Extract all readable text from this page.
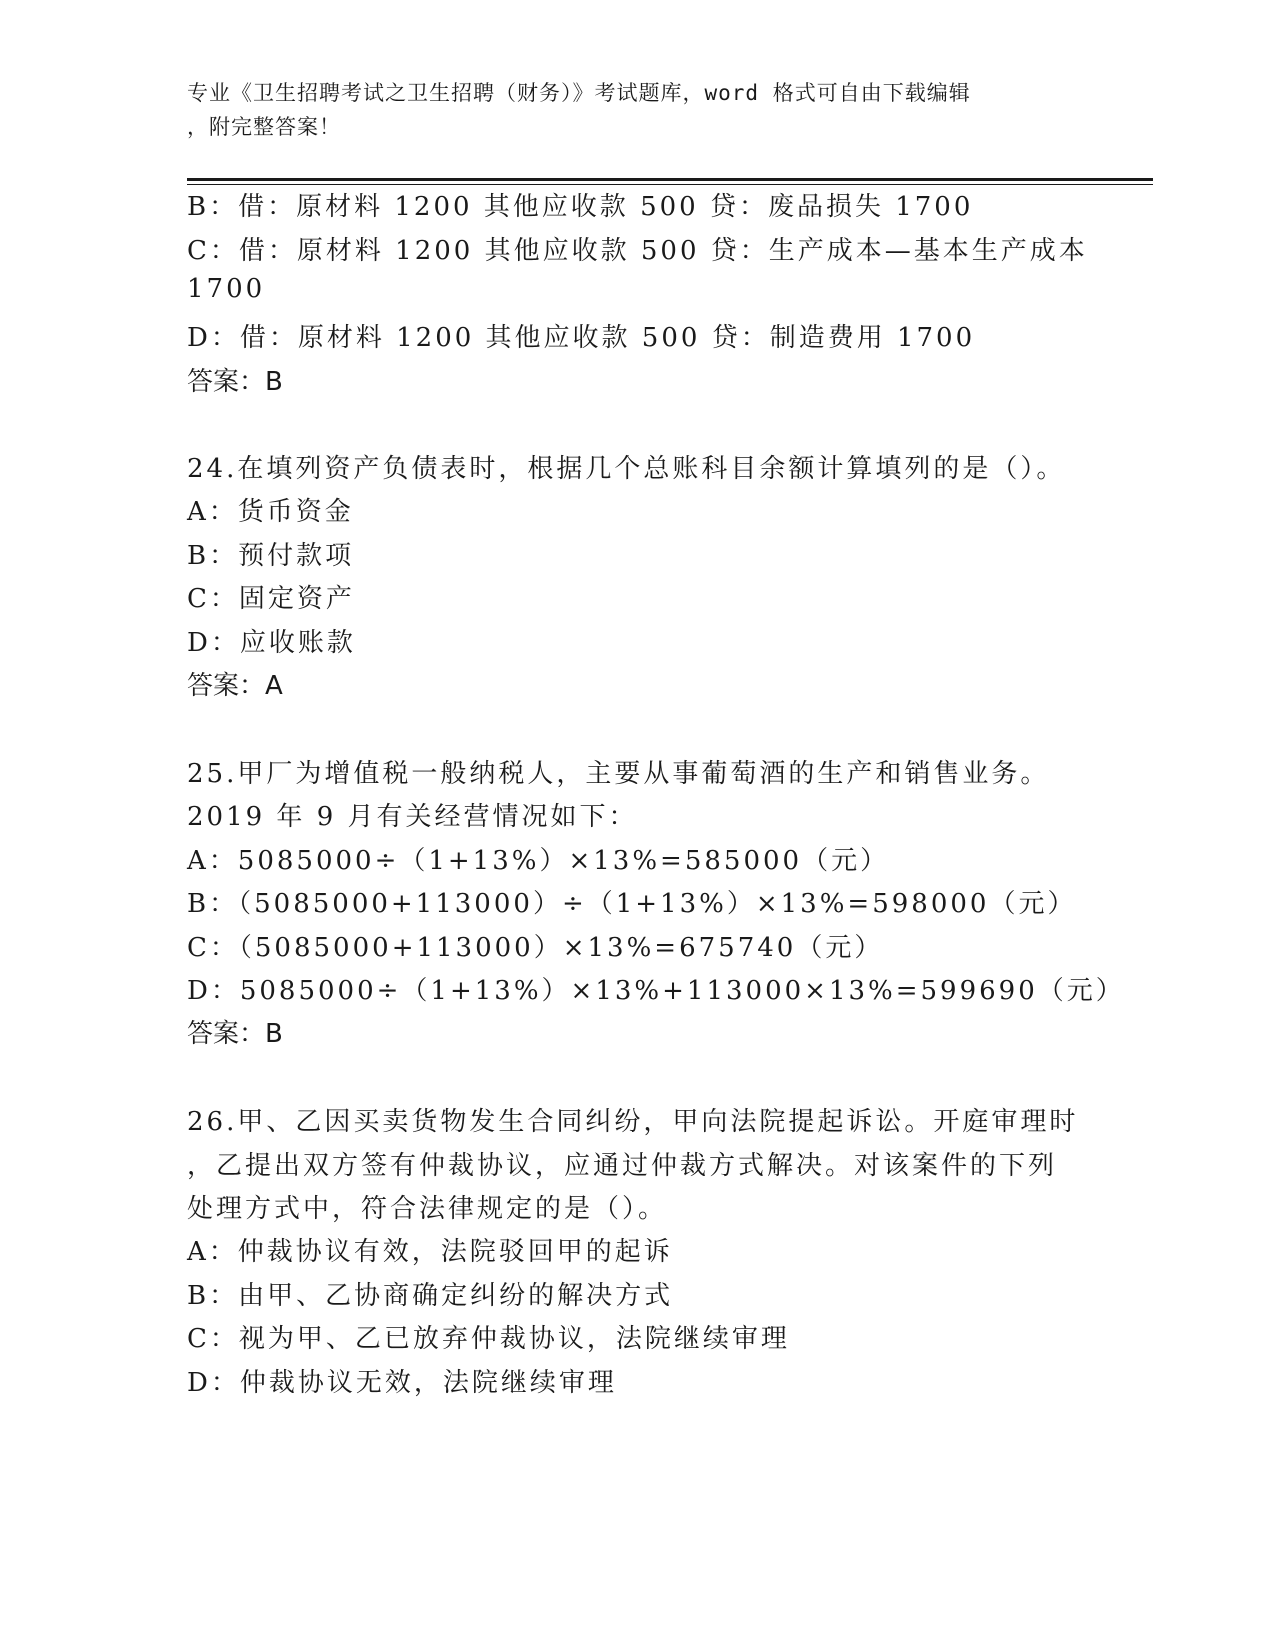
专业《卫生招聘考试之卫生招聘（财务）》考试题库，word 格式可自由下载编辑
，附完整答案！
B：借：原材料 1200 其他应收款 500 贷：废品损失 1700
C：借：原材料 1200 其他应收款 500 贷：生产成本—基本生产成本
1700
D：借：原材料 1200 其他应收款 500 贷：制造费用 1700
答案：B
24.在填列资产负债表时，根据几个总账科目余额计算填列的是（）。
A：货币资金
B：预付款项
C：固定资产
D：应收账款
答案：A
25.甲厂为增值税一般纳税人，主要从事葡萄酒的生产和销售业务。
2019 年 9 月有关经营情况如下：
A：5085000÷（1+13%）×13%=585000（元）
B：（5085000+113000）÷（1+13%）×13%=598000（元）
C：（5085000+113000）×13%=675740（元）
D：5085000÷（1+13%）×13%+113000×13%=599690（元）
答案：B
26.甲、乙因买卖货物发生合同纠纷，甲向法院提起诉讼。开庭审理时
，乙提出双方签有仲裁协议，应通过仲裁方式解决。对该案件的下列
处理方式中，符合法律规定的是（）。
A：仲裁协议有效，法院驳回甲的起诉
B：由甲、乙协商确定纠纷的解决方式
C：视为甲、乙已放弃仲裁协议，法院继续审理
D：仲裁协议无效，法院继续审理
